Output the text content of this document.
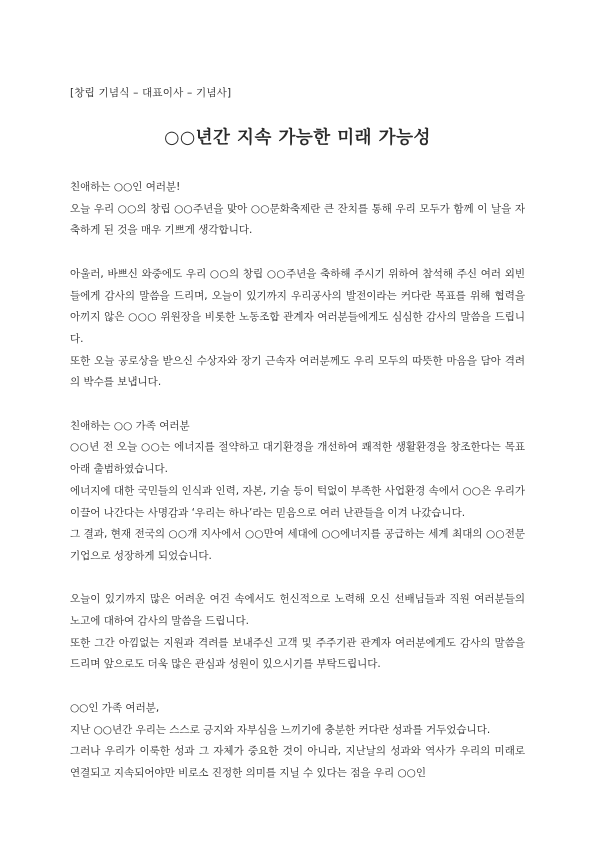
[창립 기념식 – 대표이사 – 기념사]
○○년간 지속 가능한 미래 가능성

친애하는 ○○인 여러분!

오늘 우리 ○○의 창립 ○○주년을 맞아 ○○문화축제란 큰 잔치를 통해 우리 모두가 함께 이 날을 자축하게 된 것을 매우 기쁘게 생각합니다.

아울러, 바쁘신 와중에도 우리 ○○의 창립 ○○주년을 축하해 주시기 위하여 참석해 주신 여러 외빈들에게 감사의 말씀을 드리며, 오늘이 있기까지 우리공사의 발전이라는 커다란 목표를 위해 협력을 아끼지 않은 ○○○ 위원장을 비롯한 노동조합 관계자 여러분들에게도 심심한 감사의 말씀을 드립니다.

또한 오늘 공로상을 받으신 수상자와 장기 근속자 여러분께도 우리 모두의 따뜻한 마음을 담아 격려의 박수를 보냅니다.

친애하는 ○○ 가족 여러분

○○년 전 오늘 ○○는 에너지를 절약하고 대기환경을 개선하여 쾌적한 생활환경을 창조한다는 목표 아래 출범하였습니다.

에너지에 대한 국민들의 인식과 인력, 자본, 기술 등이 턱없이 부족한 사업환경 속에서 ○○은 우리가 이끌어 나간다는 사명감과 ‘우리는 하나’라는 믿음으로 여러 난관들을 이겨 나갔습니다.

그 결과, 현재 전국의 ○○개 지사에서 ○○만여 세대에 ○○에너지를 공급하는 세계 최대의 ○○전문기업으로 성장하게 되었습니다.

오늘이 있기까지 많은 어려운 여건 속에서도 헌신적으로 노력해 오신 선배님들과 직원 여러분들의 노고에 대하여 감사의 말씀을 드립니다.

또한 그간 아낌없는 지원과 격려를 보내주신 고객 및 주주기관 관계자 여러분에게도 감사의 말씀을 드리며 앞으로도 더욱 많은 관심과 성원이 있으시기를 부탁드립니다.

○○인 가족 여러분,

지난 ○○년간 우리는 스스로 긍지와 자부심을 느끼기에 충분한 커다란 성과를 거두었습니다.

그러나 우리가 이룩한 성과 그 자체가 중요한 것이 아니라, 지난날의 성과와 역사가 우리의 미래로 연결되고 지속되어야만 비로소 진정한 의미를 지닐 수 있다는 점을 우리 ○○인
